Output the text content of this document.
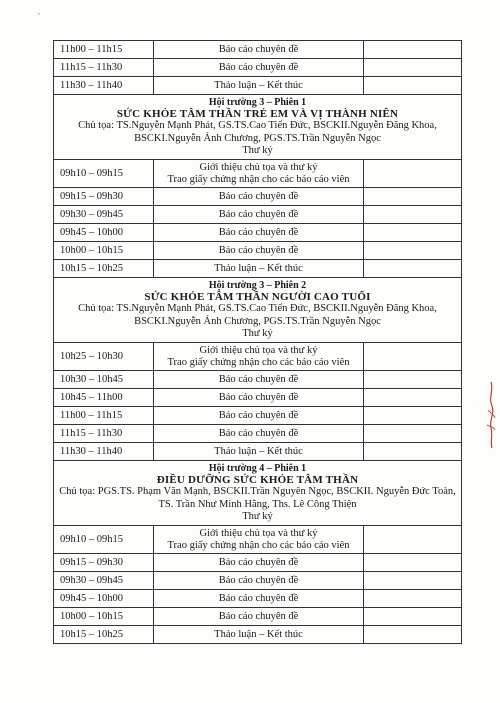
,
11h00 – 11h15	Báo cáo chuyên đề	
11h15 – 11h30	Báo cáo chuyên đề	
11h30 – 11h40	Thảo luận – Kết thúc	

Hội trường 3 – Phiên 1
SỨC KHỎE TÂM THẦN TRẺ EM VÀ VỊ THÀNH NIÊN
Chủ tọa: TS.Nguyễn Mạnh Phát, GS.TS.Cao Tiến Đức, BSCKII.Nguyễn Đăng Khoa, BSCKI.Nguyễn Ánh Chương, PGS.TS.Trần Nguyễn Ngọc
Thư ký		

09h10 – 09h15	Giới thiệu chủ tọa và thư ký
Trao giấy chứng nhận cho các báo cáo viên	

09h15 – 09h30	Báo cáo chuyên đề	
09h30 – 09h45	Báo cáo chuyên đề	
09h45 – 10h00	Báo cáo chuyên đề	
10h00 – 10h15	Báo cáo chuyên đề	
10h15 – 10h25	Thảo luận – Kết thúc	

Hội trường 3 – Phiên 2
SỨC KHỎE TÂM THẦN NGƯỜI CAO TUỔI
Chủ tọa: TS.Nguyễn Mạnh Phát, GS.TS.Cao Tiến Đức, BSCKII.Nguyễn Đăng Khoa, BSCKI.Nguyễn Ánh Chương, PGS.TS.Trần Nguyễn Ngọc
Thư ký		

10h25 – 10h30	Giới thiệu chủ tọa và thư ký
Trao giấy chứng nhận cho các báo cáo viên	

10h30 – 10h45	Báo cáo chuyên đề	
10h45 – 11h00	Báo cáo chuyên đề	
11h00 – 11h15	Báo cáo chuyên đề	
11h15 – 11h30	Báo cáo chuyên đề	
11h30 – 11h40	Thảo luận – Kết thúc	

Hội trường 4 – Phiên 1
ĐIỀU DƯỠNG SỨC KHỎE TÂM THẦN
Chủ tọa: PGS.TS. Phạm Văn Mạnh, BSCKII.Trần Nguyên Ngọc, BSCKII. Nguyễn Đức Toàn, TS. Trần Như Minh Hằng, Ths. Lê Công Thiện
Thư ký		

09h10 – 09h15	Giới thiệu chủ tọa và thư ký
Trao giấy chứng nhận cho các báo cáo viên	

09h15 – 09h30	Báo cáo chuyên đề	
09h30 – 09h45	Báo cáo chuyên đề	
09h45 – 10h00	Báo cáo chuyên đề	
10h00 – 10h15	Báo cáo chuyên đề	
10h15 – 10h25	Thảo luận – Kết thúc	
